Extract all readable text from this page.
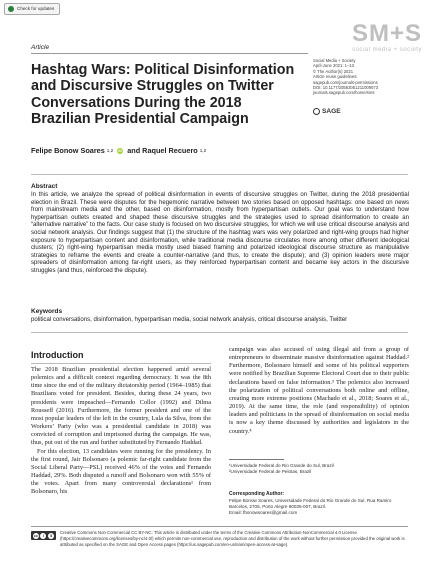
Check for updates
SM+S
social media + society
Article
Social Media + Society
April-June 2021: 1–13
© The Author(s) 2021
Article reuse guidelines:
sagepub.com/journals-permissions
DOI: 10.1177/20563051211009073
journals.sagepub.com/home/sms
SAGE
Hashtag Wars: Political Disinformation and Discursive Struggles on Twitter Conversations During the 2018 Brazilian Presidential Campaign
Felipe Bonow Soares 1,2 iD and Raquel Recuero 1,2
Abstract
In this article, we analyze the spread of political disinformation in events of discursive struggles on Twitter, during the 2018 presidential election in Brazil. These were disputes for the hegemonic narrative between two stories based on opposed hashtags: one based on news from mainstream media and the other, based on disinformation, mostly from hyperpartisan outlets. Our goal was to understand how hyperpartisan outlets created and shaped these discursive struggles and the strategies used to spread disinformation to create an “alternative narrative” to the facts. Our case study is focused on two discursive struggles, for which we will use critical discourse analysis and social network analysis. Our findings suggest that (1) the structure of the hashtag wars was very polarized and right-wing groups had higher exposure to hyperpartisan content and disinformation, while traditional media discourse circulates more among other different ideological clusters; (2) right-wing hyperpartisan media mostly used biased framing and polarized ideological discourse structure as manipulative strategies to reframe the events and create a counter-narrative (and thus, to create the dispute); and (3) opinion leaders were major spreaders of disinformation among far-right users, as they reinforced hyperpartisan content and became key actors in the discursive struggles (and thus, reinforced the dispute).
Keywords
political conversations, disinformation, hyperpartisan media, social network analysis, critical discourse analysis, Twitter
Introduction

The 2018 Brazilian presidential election happened amid several polemics and a difficult context regarding democracy. It was the 8th time since the end of the military dictatorship period (1964–1985) that Brazilians voted for president. Besides, during these 24 years, two presidents were impeached—Fernando Collor (1992) and Dilma Rousseff (2016). Furthermore, the former president and one of the most popular leaders of the left in the country, Lula da Silva, from the Workers’ Party (who was a presidential candidate in 2018) was convicted of corruption and imprisoned during the campaign. He was, thus, put out of the run and further substituted by Fernando Haddad.

For this election, 13 candidates were running for the presidency. In the first round, Jair Bolsonaro (a polemic far-right candidate from the Social Liberal Party—PSL) received 46% of the votes and Fernando Haddad, 29%. Both disputed a runoff and Bolsonaro won with 55% of the votes. Apart from many controversial declarations¹ from Bolsonaro, his

campaign was also accused of using illegal aid from a group of entrepreneurs to disseminate massive disinformation against Haddad.² Furthermore, Bolsonaro himself and some of his political supporters were notified by Brazilian Supreme Electoral Court due to their public declarations based on false information.³ The polemics also increased the polarization of political conversations both online and offline, creating more extreme positions (Machado et al., 2018; Soares et al., 2019). At the same time, the role (and responsibility) of opinion leaders and politicians in the spread of disinformation on social media is now a key theme discussed by authorities and legislators in the country.⁴

¹Universidade Federal do Rio Grande do Sul, Brazil
²Universidade Federal de Pelotas, Brazil
Corresponding Author:
Felipe Bonow Soares, Universidade Federal do Rio Grande do Sul, Rua Ramiro Barcelos, 2705, Porto Alegre 90035-007, Brazil.
Email: fbonowsoares@gmail.com
cc	i	$
Creative Commons Non Commercial CC BY-NC: This article is distributed under the terms of the Creative Commons Attribution-NonCommercial 4.0 License (https://creativecommons.org/licenses/by-nc/4.0/) which permits non-commercial use, reproduction and distribution of the work without further permission provided the original work is attributed as specified on the SAGE and Open Access pages (https://us.sagepub.com/en-us/nam/open-access-at-sage).
